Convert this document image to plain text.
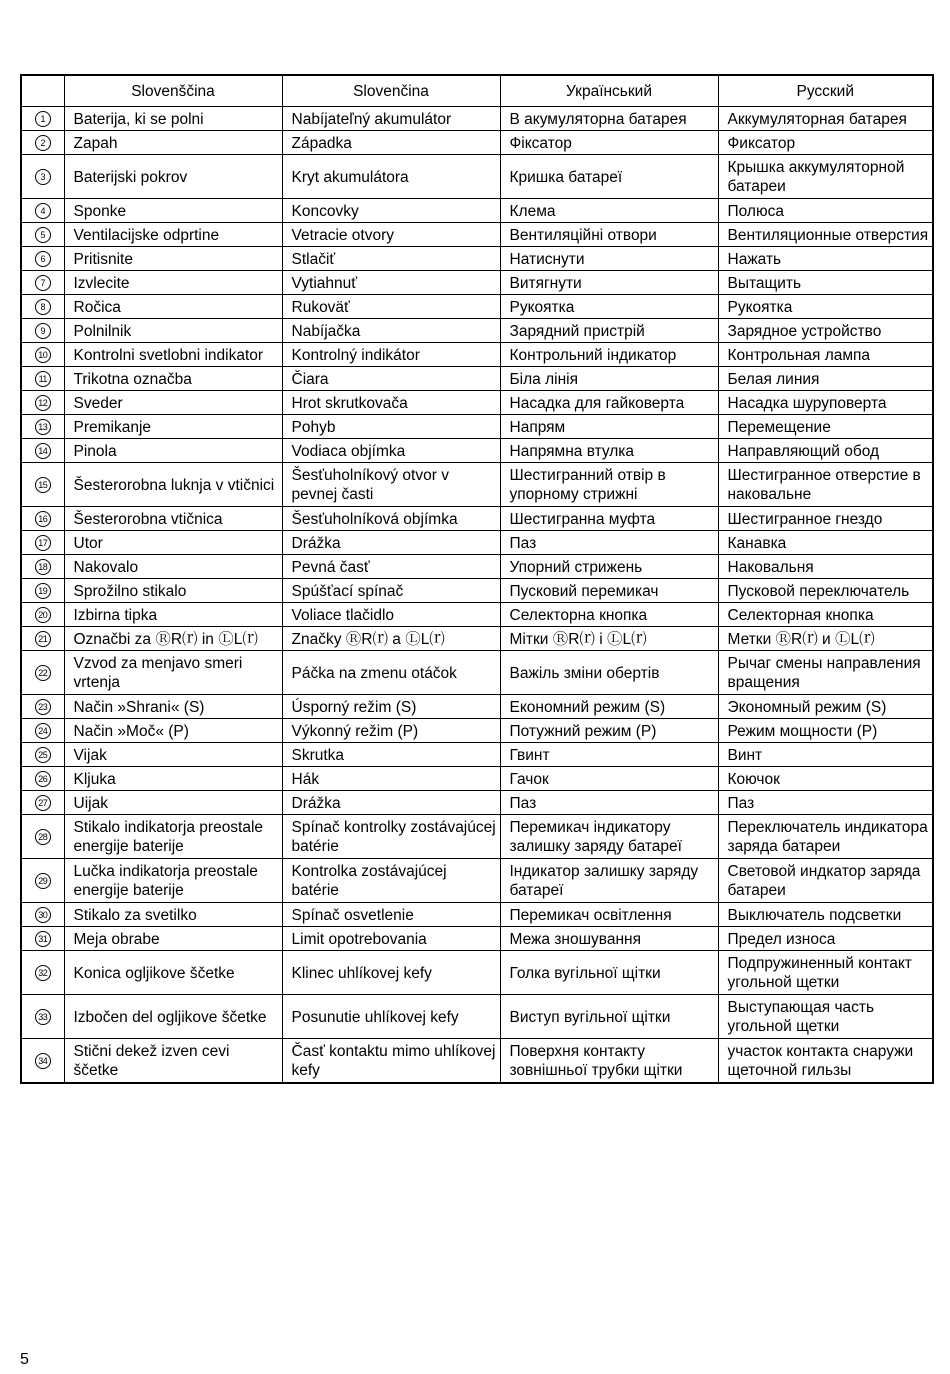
	Slovenščina	Slovenčina	Український	Русский
1	Baterija, ki se polni	Nabíjateľný akumulátor	В акумуляторна батарея	Аккумуляторная батарея
2	Zapah	Západka	Фіксатор	Фиксатор
3	Baterijski pokrov	Kryt akumulátora	Кришка батареї	Крышка аккумуляторной батареи
4	Sponke	Koncovky	Клема	Полюса
5	Ventilacijske odprtine	Vetracie otvory	Вентиляційні отвори	Вентиляционные отверстия
6	Pritisnite	Stlačiť	Натиснути	Нажать
7	Izvlecite	Vytiahnuť	Витягнути	Вытащить
8	Ročica	Rukoväť	Рукоятка	Рукоятка
9	Polnilnik	Nabíjačka	Зарядний пристрій	Зарядное устройство
10	Kontrolni svetlobni indikator	Kontrolný indikátor	Контрольний індикатор	Контрольная лампа
11	Trikotna označba	Čiara	Біла лінія	Белая линия
12	Sveder	Hrot skrutkovača	Насадка для гайковерта	Насадка шуруповерта
13	Premikanje	Pohyb	Напрям	Перемещение
14	Pinola	Vodiaca objímka	Напрямна втулка	Направляющий обод
15	Šesterorobna luknja v vtičnici	Šesťuholníkový otvor v pevnej časti	Шестигранний отвір в упорному стрижні	Шестигранное отверстие в наковальне
16	Šesterorobna vtičnica	Šesťuholníková objímka	Шестигранна муфта	Шестигранное гнездо
17	Utor	Drážka	Паз	Канавка
18	Nakovalo	Pevná časť	Упорний стрижень	Наковальня
19	Sprožilno stikalo	Spúšťací spínač	Пусковий перемикач	Пусковой переключатель
20	Izbirna tipka	Voliace tlačidlo	Селекторна кнопка	Селекторная кнопка
21	Označbi za ⓇR⒭ in ⓁL⒭	Značky ⓇR⒭ a ⓁL⒭	Мітки ⓇR⒭ і ⓁL⒭	Метки ⓇR⒭ и ⓁL⒭
22	Vzvod za menjavo smeri vrtenja	Páčka na zmenu otáčok	Важіль зміни обертів	Рычаг смены направления вращения
23	Način »Shrani« (S)	Úsporný režim (S)	Економний режим (S)	Экономный режим (S)
24	Način »Moč« (P)	Výkonný režim (P)	Потужний режим (P)	Режим мощности (P)
25	Vijak	Skrutka	Гвинт	Винт
26	Kljuka	Hák	Гачок	Коючок
27	Uijak	Drážka	Паз	Паз
28	Stikalo indikatorja preostale energije baterije	Spínač kontrolky zostávajúcej batérie	Перемикач індикатору залишку заряду батареї	Переключатель индикатора заряда батареи
29	Lučka indikatorja preostale energije baterije	Kontrolka zostávajúcej batérie	Індикатор залишку заряду батареї	Световой индкатор заряда батареи
30	Stikalo za svetilko	Spínač osvetlenie	Перемикач освітлення	Выключатель подсветки
31	Meja obrabe	Limit opotrebovania	Межа зношування	Предел износа
32	Konica ogljikove ščetke	Klinec uhlíkovej kefy	Голка вугільної щітки	Подпружиненный контакт угольной щетки
33	Izbočen del ogljikove ščetke	Posunutie uhlíkovej kefy	Виступ вугільної щітки	Выступающая часть угольной щетки
34	Stični dekež izven cevi ščetke	Časť kontaktu mimo uhlíkovej kefy	Поверхня контакту зовнішньої трубки щітки	участок контакта снаружи щеточной гильзы
5
